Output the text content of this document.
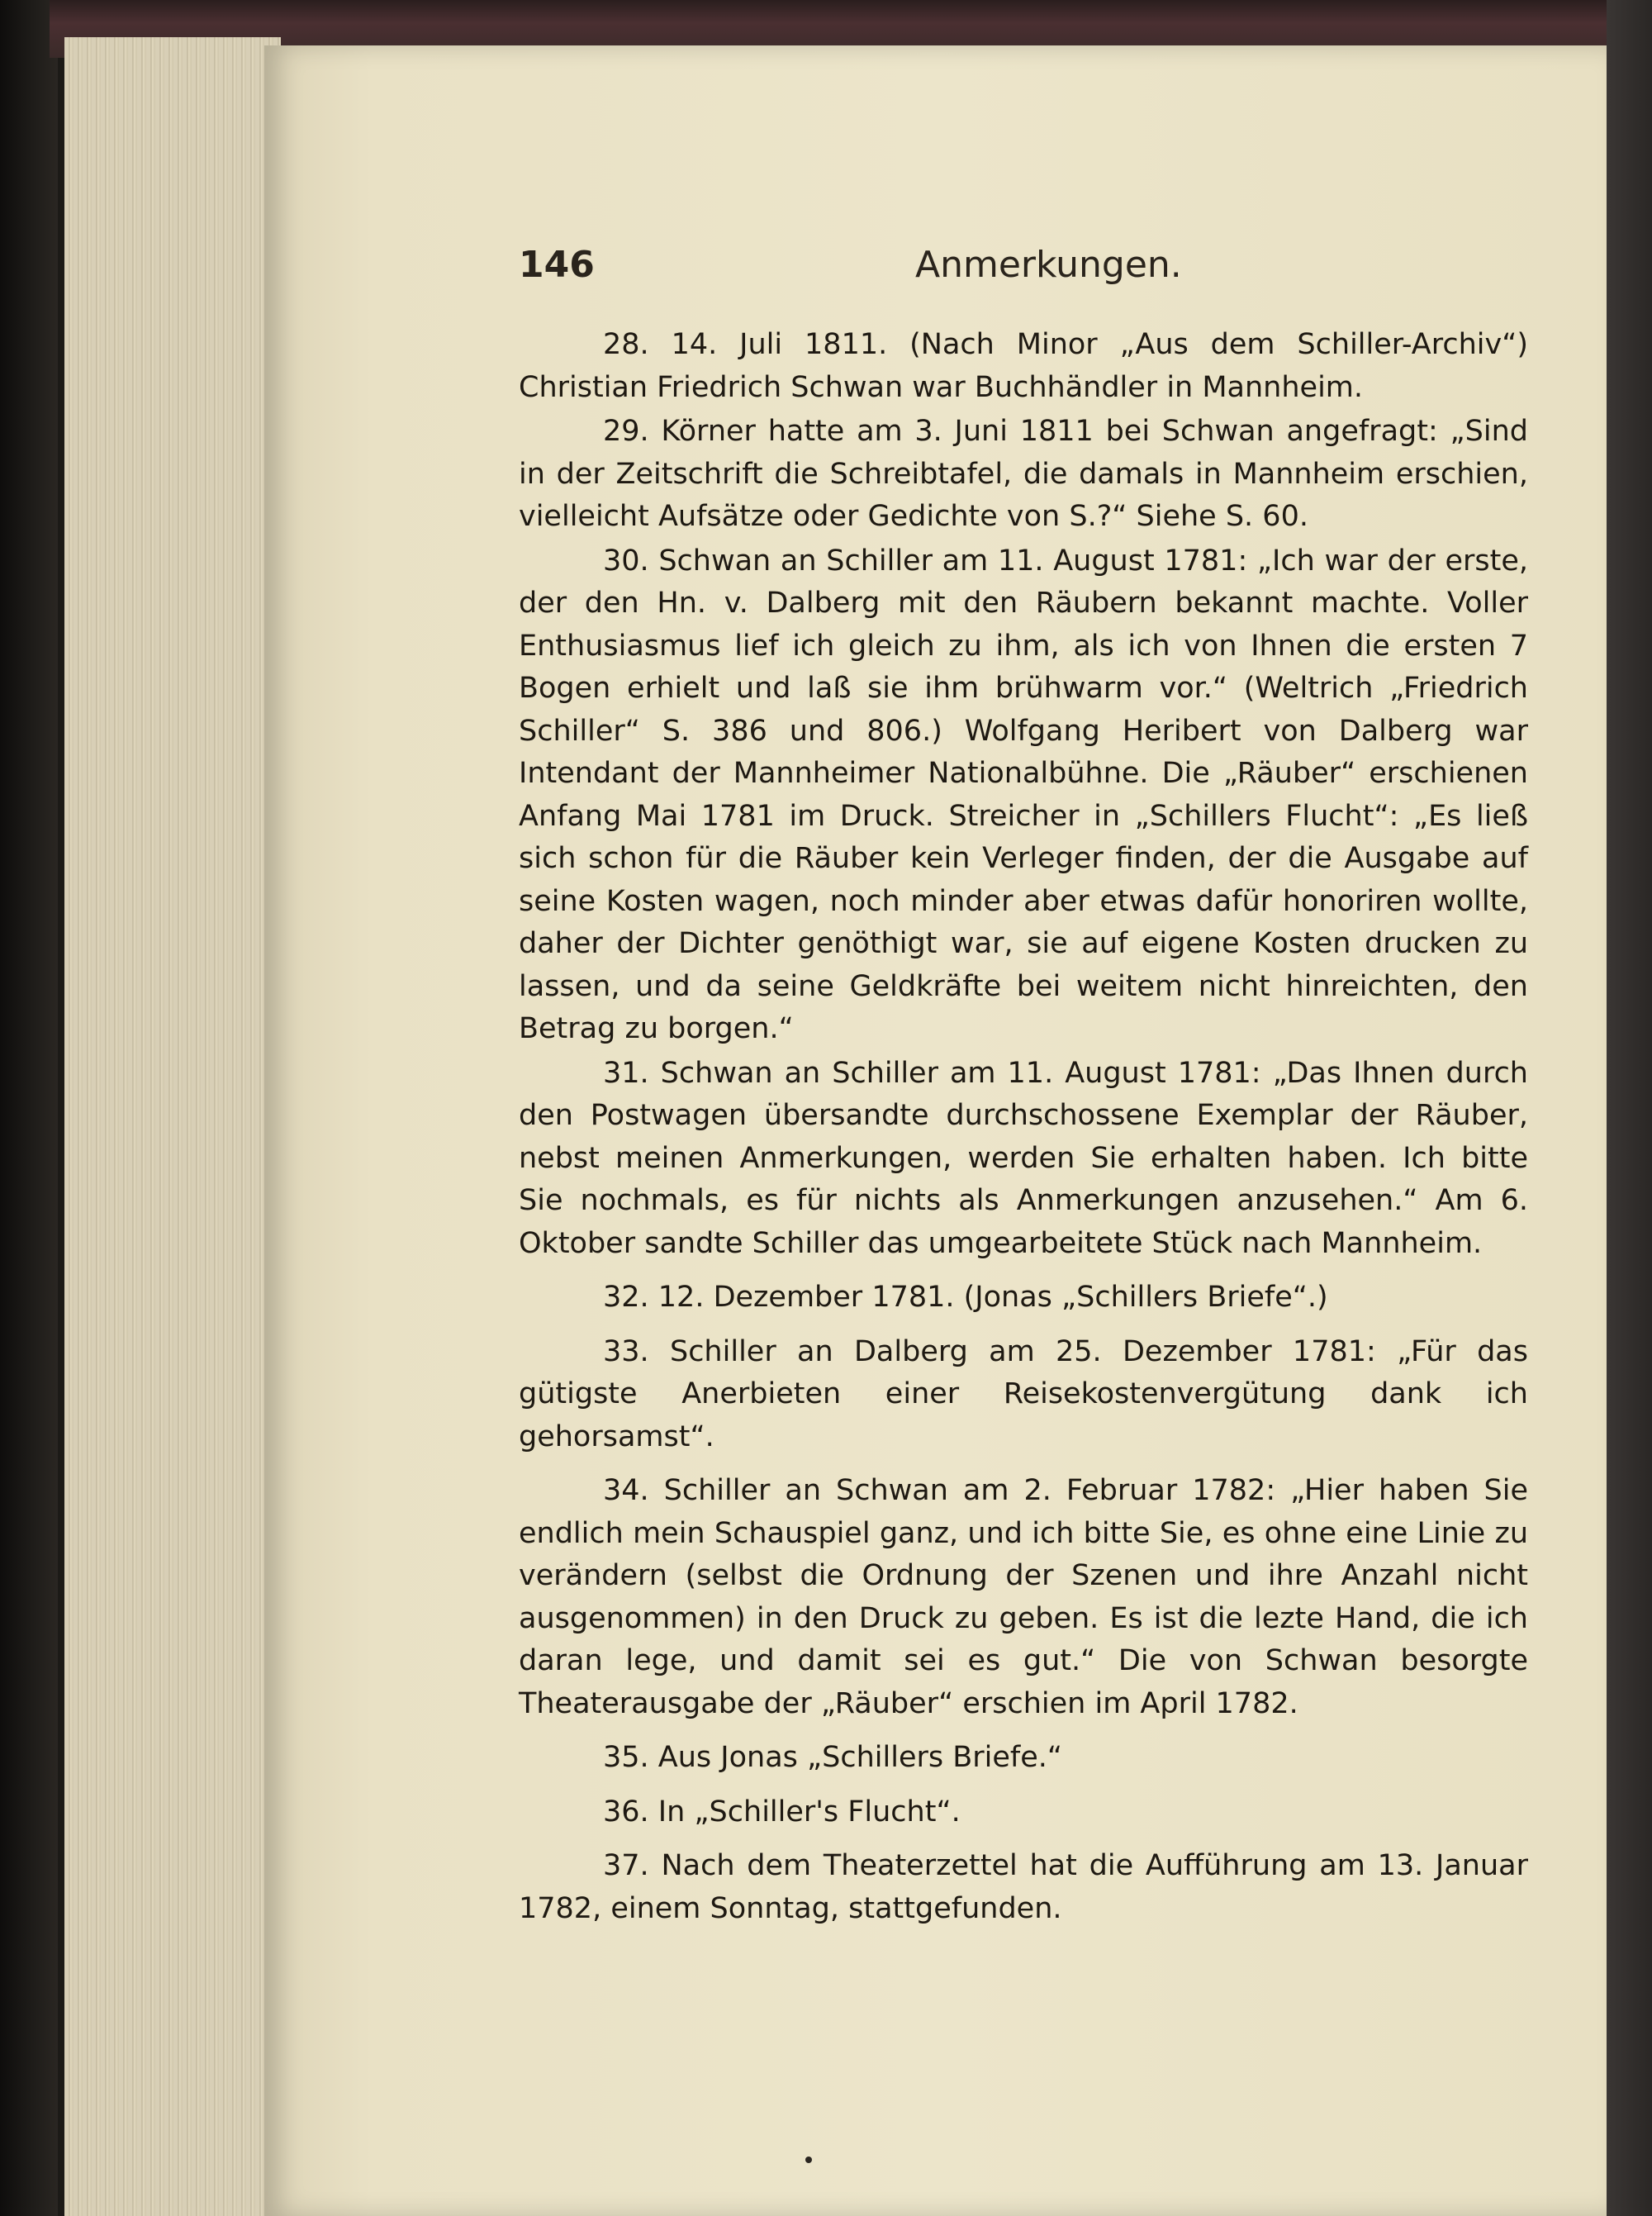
146	Anmerkungen.

28. 14. Juli 1811. (Nach Minor „Aus dem Schiller-Archiv“) Christian Friedrich Schwan war Buchhändler in Mannheim.

29. Körner hatte am 3. Juni 1811 bei Schwan angefragt: „Sind in der Zeitschrift die Schreibtafel, die damals in Mannheim erschien, vielleicht Aufsätze oder Gedichte von S.?“ Siehe S. 60.

30. Schwan an Schiller am 11. August 1781: „Ich war der erste, der den Hn. v. Dalberg mit den Räubern bekannt machte. Voller Enthusiasmus lief ich gleich zu ihm, als ich von Ihnen die ersten 7 Bogen erhielt und laß sie ihm brühwarm vor.“ (Weltrich „Friedrich Schiller“ S. 386 und 806.) Wolfgang Heribert von Dalberg war Intendant der Mannheimer Nationalbühne. Die „Räuber“ erschienen Anfang Mai 1781 im Druck. Streicher in „Schillers Flucht“: „Es ließ sich schon für die Räuber kein Verleger finden, der die Ausgabe auf seine Kosten wagen, noch minder aber etwas dafür honoriren wollte, daher der Dichter genöthigt war, sie auf eigene Kosten drucken zu lassen, und da seine Geldkräfte bei weitem nicht hinreichten, den Betrag zu borgen.“

31. Schwan an Schiller am 11. August 1781: „Das Ihnen durch den Postwagen übersandte durchschossene Exemplar der Räuber, nebst meinen Anmerkungen, werden Sie erhalten haben. Ich bitte Sie nochmals, es für nichts als Anmerkungen anzusehen.“ Am 6. Oktober sandte Schiller das umgearbeitete Stück nach Mannheim.

32. 12. Dezember 1781. (Jonas „Schillers Briefe“.)

33. Schiller an Dalberg am 25. Dezember 1781: „Für das gütigste Anerbieten einer Reisekostenvergütung dank ich gehorsamst“.

34. Schiller an Schwan am 2. Februar 1782: „Hier haben Sie endlich mein Schauspiel ganz, und ich bitte Sie, es ohne eine Linie zu verändern (selbst die Ordnung der Szenen und ihre Anzahl nicht ausgenommen) in den Druck zu geben. Es ist die lezte Hand, die ich daran lege, und damit sei es gut.“ Die von Schwan besorgte Theaterausgabe der „Räuber“ erschien im April 1782.

35. Aus Jonas „Schillers Briefe.“

36. In „Schiller's Flucht“.

37. Nach dem Theaterzettel hat die Aufführung am 13. Januar 1782, einem Sonntag, stattgefunden.
